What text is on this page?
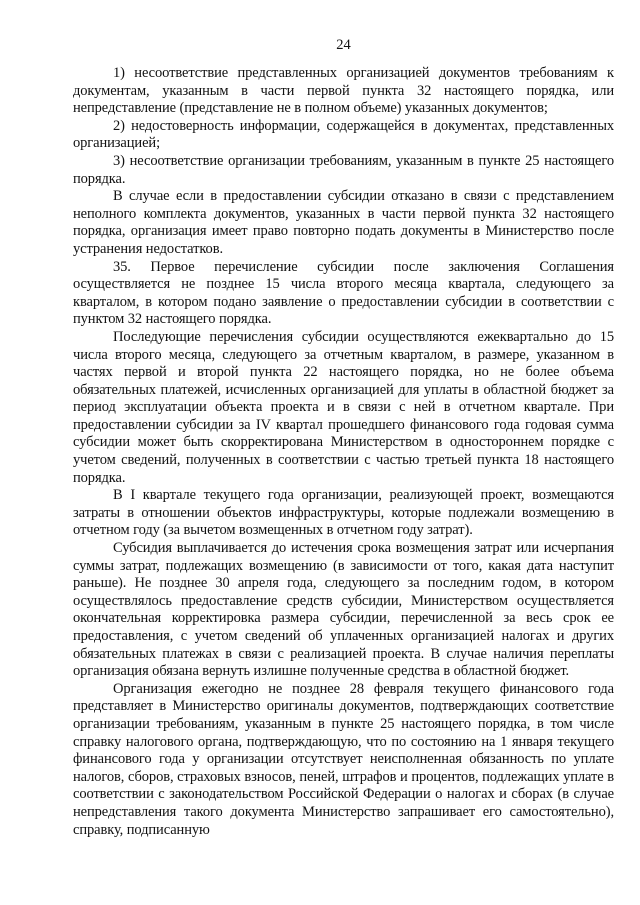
24

1) несоответствие представленных организацией документов требованиям к документам, указанным в части первой пункта 32 настоящего порядка, или непредставление (представление не в полном объеме) указанных документов;

2) недостоверность информации, содержащейся в документах, представленных организацией;

3) несоответствие организации требованиям, указанным в пункте 25 настоящего порядка.

В случае если в предоставлении субсидии отказано в связи с представлением неполного комплекта документов, указанных в части первой пункта 32 настоящего порядка, организация имеет право повторно подать документы в Министерство после устранения недостатков.

35. Первое перечисление субсидии после заключения Соглашения осуществляется не позднее 15 числа второго месяца квартала, следующего за кварталом, в котором подано заявление о предоставлении субсидии в соответствии с пунктом 32 настоящего порядка.

Последующие перечисления субсидии осуществляются ежеквартально до 15 числа второго месяца, следующего за отчетным кварталом, в размере, указанном в частях первой и второй пункта 22 настоящего порядка, но не более объема обязательных платежей, исчисленных организацией для уплаты в областной бюджет за период эксплуатации объекта проекта и в связи с ней в отчетном квартале. При предоставлении субсидии за IV квартал прошедшего финансового года годовая сумма субсидии может быть скорректирована Министерством в одностороннем порядке с учетом сведений, полученных в соответствии с частью третьей пункта 18 настоящего порядка.

В I квартале текущего года организации, реализующей проект, возмещаются затраты в отношении объектов инфраструктуры, которые подлежали возмещению в отчетном году (за вычетом возмещенных в отчетном году затрат).

Субсидия выплачивается до истечения срока возмещения затрат или исчерпания суммы затрат, подлежащих возмещению (в зависимости от того, какая дата наступит раньше). Не позднее 30 апреля года, следующего за последним годом, в котором осуществлялось предоставление средств субсидии, Министерством осуществляется окончательная корректировка размера субсидии, перечисленной за весь срок ее предоставления, с учетом сведений об уплаченных организацией налогах и других обязательных платежах в связи с реализацией проекта. В случае наличия переплаты организация обязана вернуть излишне полученные средства в областной бюджет.

Организация ежегодно не позднее 28 февраля текущего финансового года представляет в Министерство оригиналы документов, подтверждающих соответствие организации требованиям, указанным в пункте 25 настоящего порядка, в том числе справку налогового органа, подтверждающую, что по состоянию на 1 января текущего финансового года у организации отсутствует неисполненная обязанность по уплате налогов, сборов, страховых взносов, пеней, штрафов и процентов, подлежащих уплате в соответствии с законодательством Российской Федерации о налогах и сборах (в случае непредставления такого документа Министерство запрашивает его самостоятельно), справку, подписанную
